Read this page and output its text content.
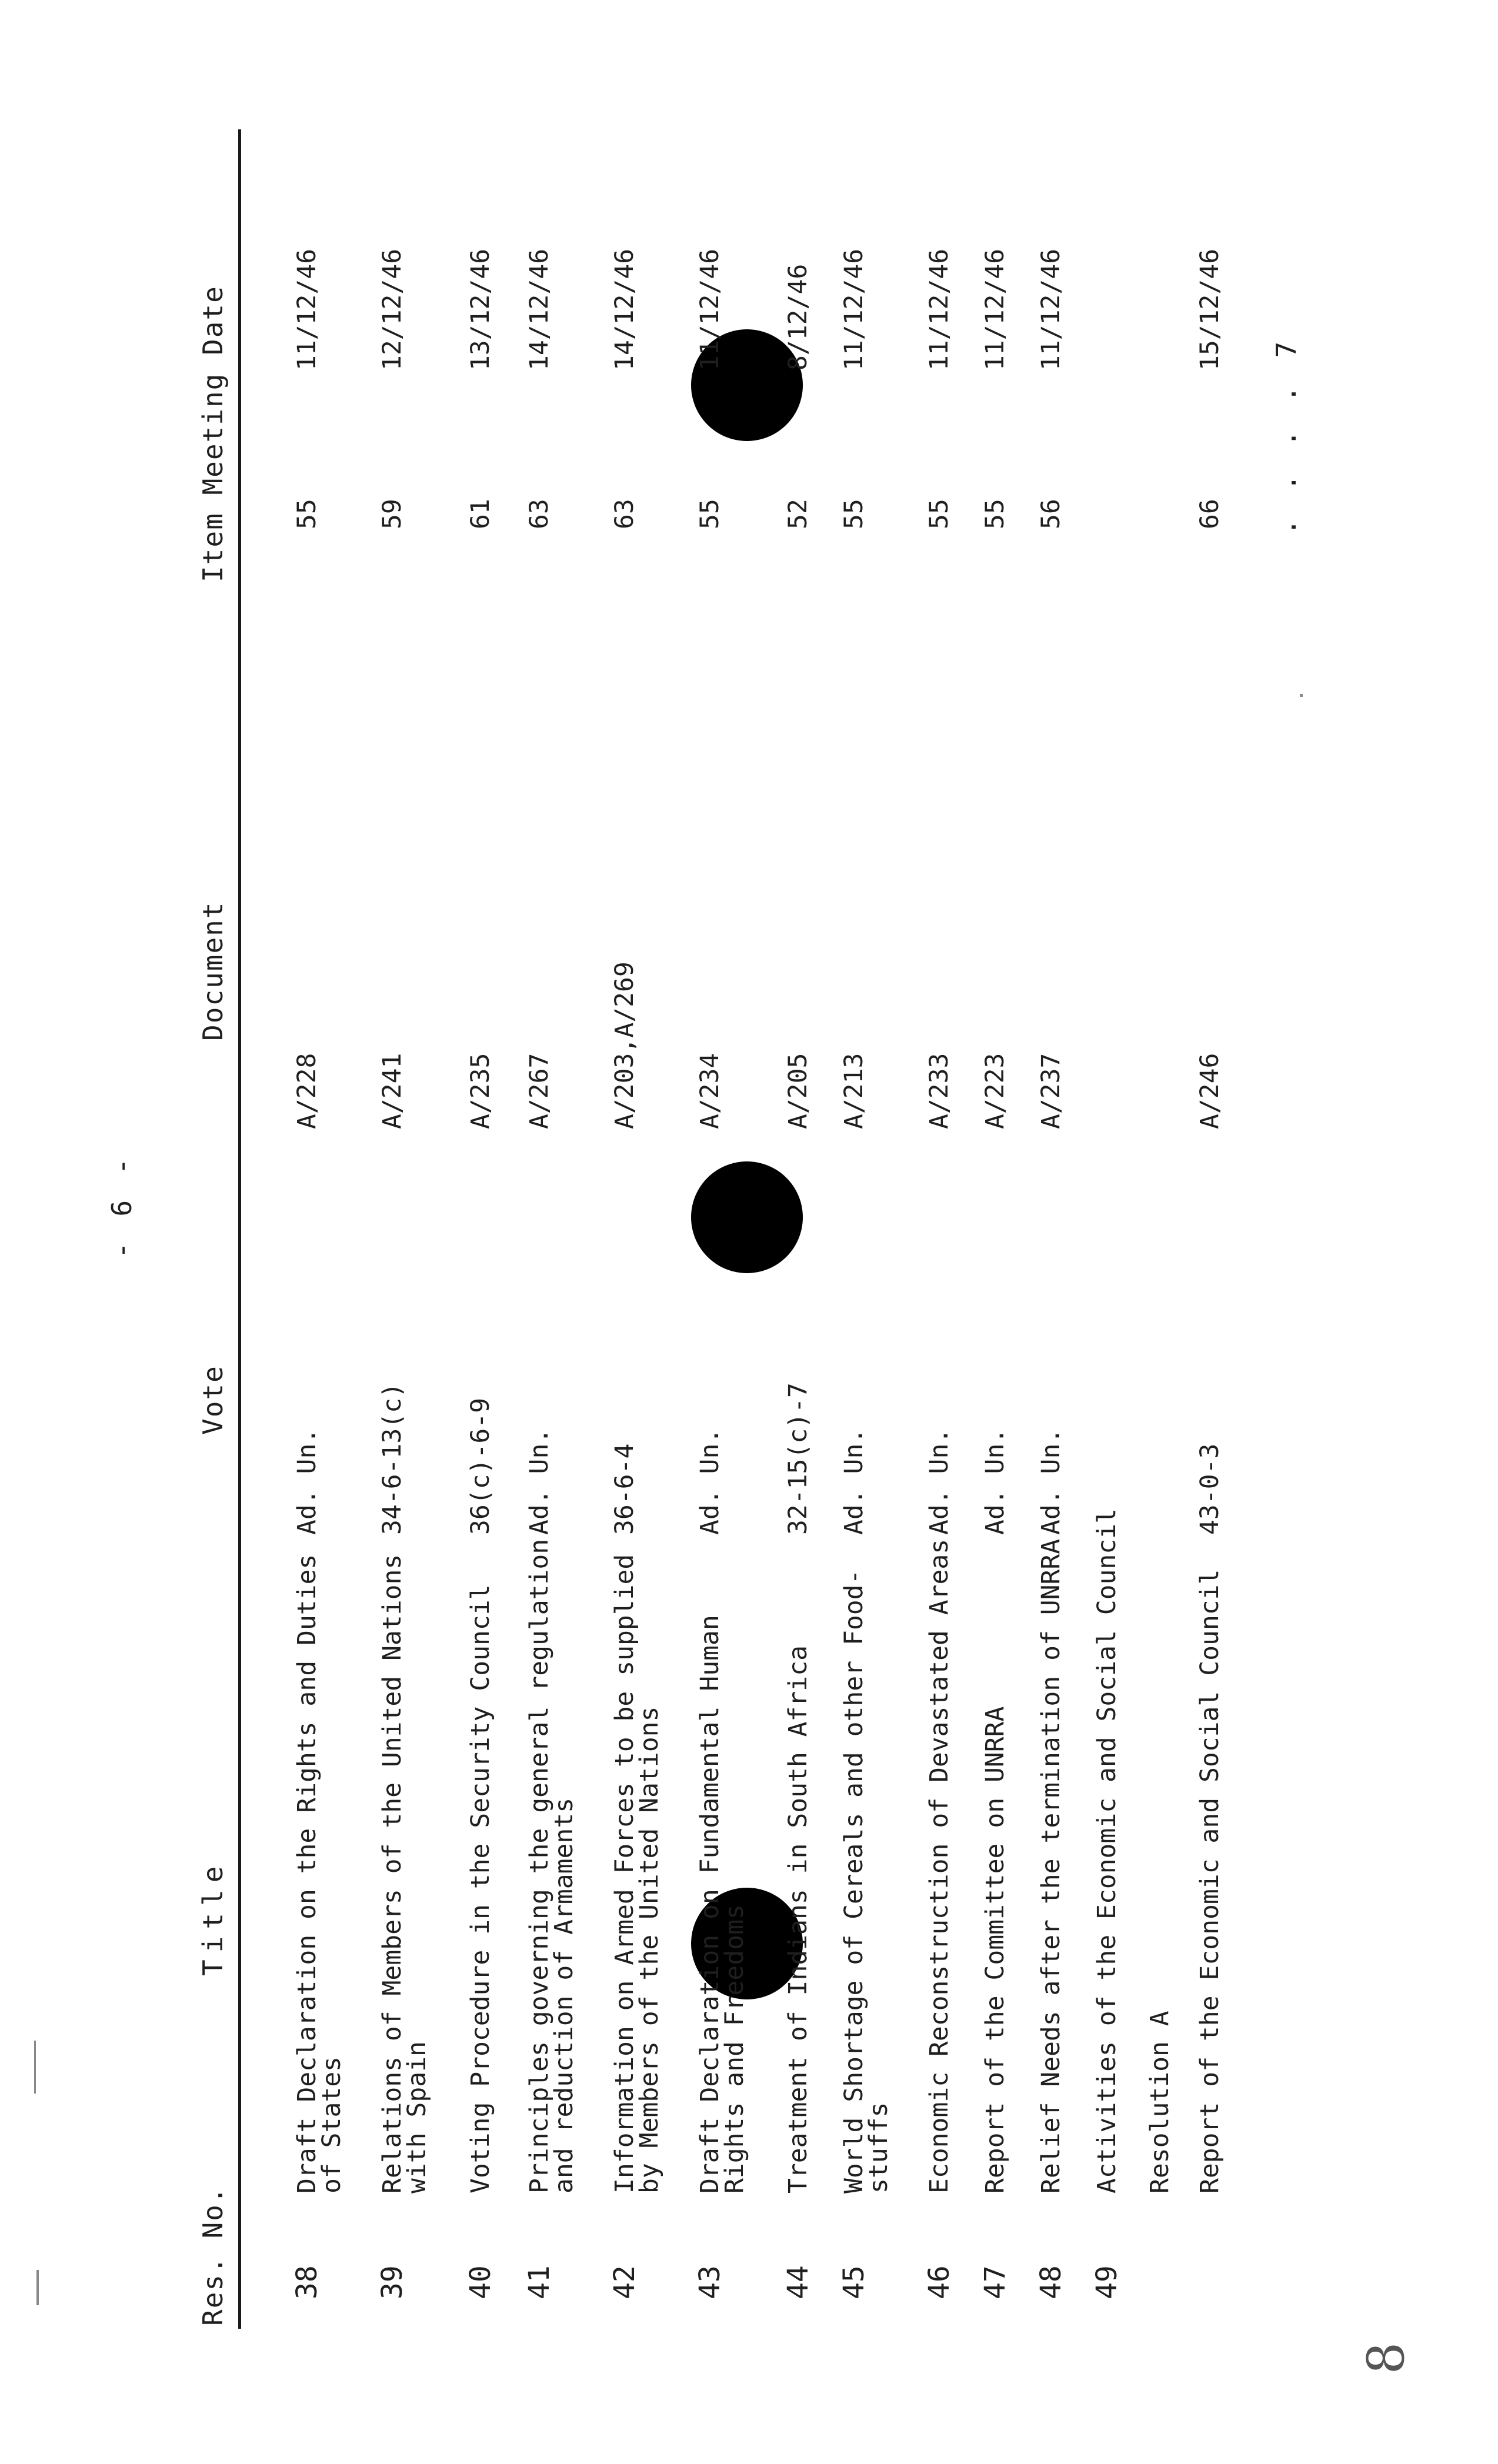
- 6 -
Res. No.
Title
Vote
Document
Item Meeting Date
38
Draft Declaration on the Rights and Duties
of States
Ad. Un.
A/228
55
11/12/46
39
Relations of Members of the United Nations
with Spain
34-6-13(c)
A/241
59
12/12/46
40
Voting Procedure in the Security Council
36(c)-6-9
A/235
61
13/12/46
41
Principles governing the general regulation
and reduction of Armaments
Ad. Un.
A/267
63
14/12/46
42
Information on Armed Forces to be supplied
by Members of the United Nations
36-6-4
A/203,A/269
63
14/12/46
43
Draft Declaration on Fundamental Human
Rights and Freedoms
Ad. Un.
A/234
55
11/12/46
44
Treatment of Indians in South Africa
32-15(c)-7
A/205
52
8/12/46
45
World Shortage of Cereals and other Food-
stuffs
Ad. Un.
A/213
55
11/12/46
46
Economic Reconstruction of Devastated Areas
Ad. Un.
A/233
55
11/12/46
47
Report of the Committee on UNRRA
Ad. Un.
A/223
55
11/12/46
48
Relief Needs after the termination of UNRRA
Ad. Un.
A/237
56
11/12/46
49
Activities of the Economic and Social Council Resolution A Report of the Economic and Social Council
43-0-3
A/246
66
15/12/46
. . . . 7
8
